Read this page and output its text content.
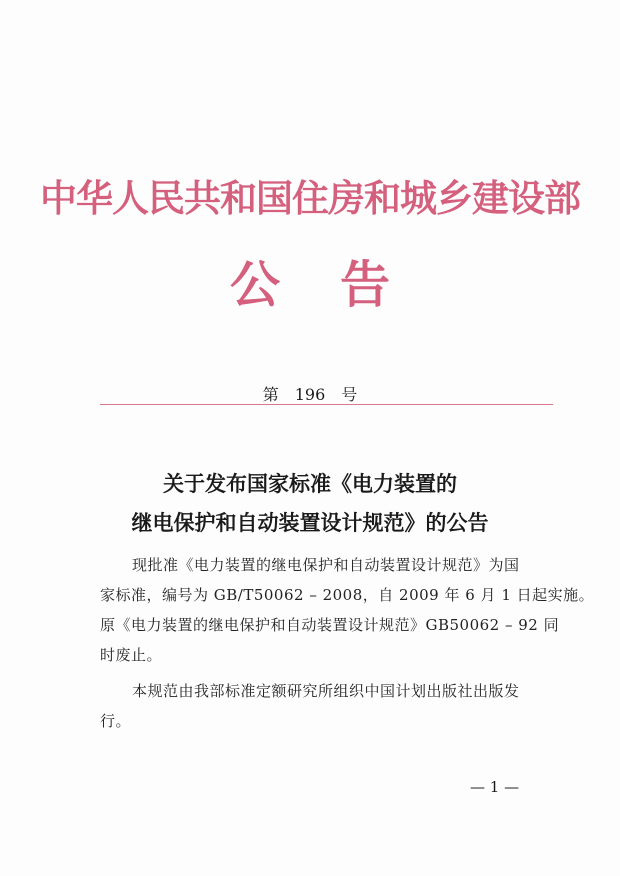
中华人民共和国住房和城乡建设部
公告
第 196 号
关于发布国家标准《电力装置的
继电保护和自动装置设计规范》的公告
现批准《电力装置的继电保护和自动装置设计规范》为国
家标准，编号为 GB/T50062 – 2008，自 2009 年 6 月 1 日起实施。
原《电力装置的继电保护和自动装置设计规范》GB50062 – 92 同
时废止。
本规范由我部标准定额研究所组织中国计划出版社出版发
行。
— 1 —
